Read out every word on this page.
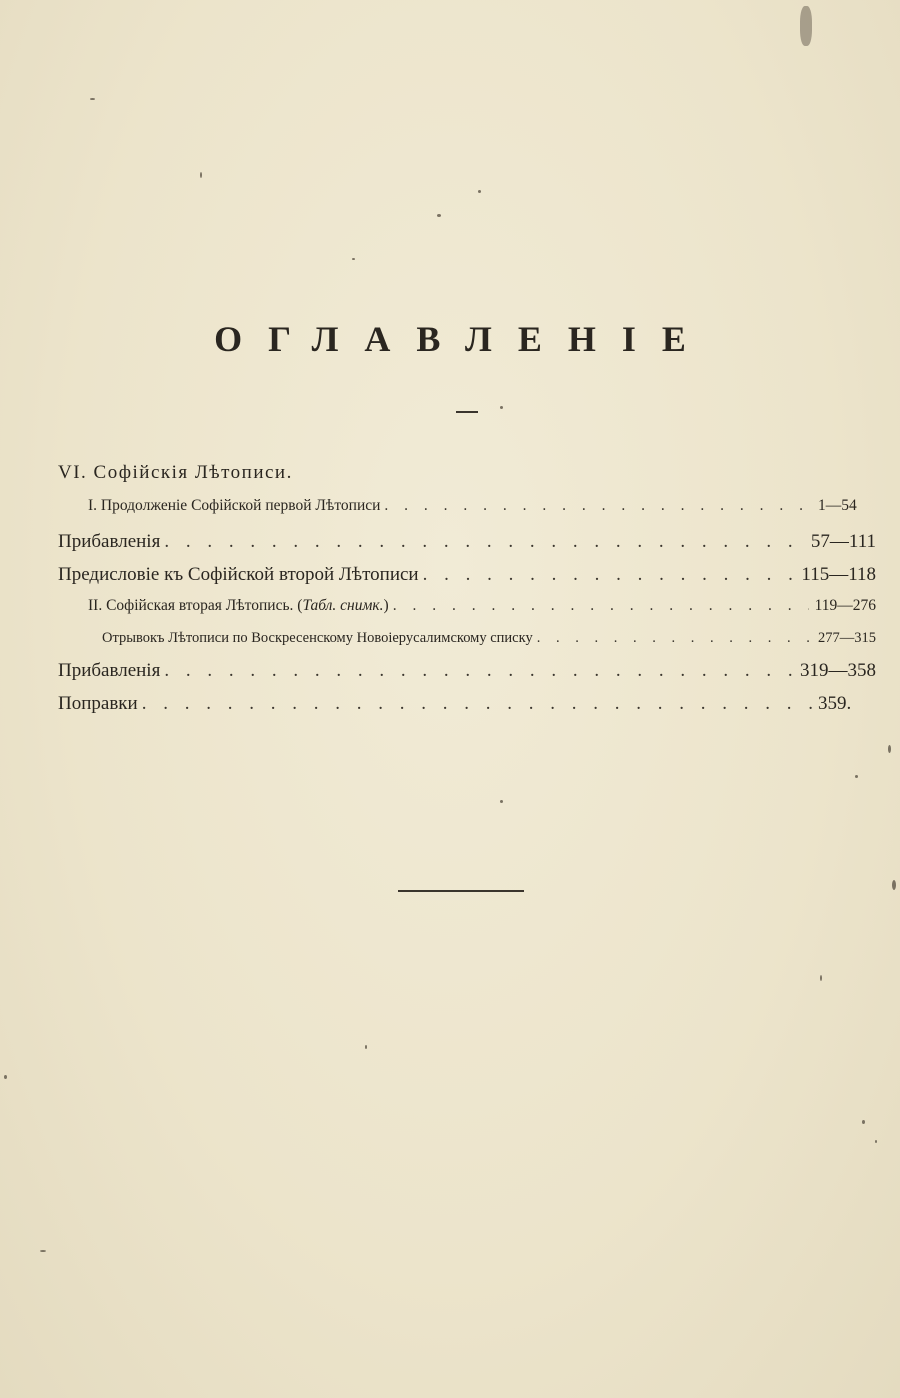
ОГЛАВЛЕНІЕ
VI. Софійскія Лѣтописи.
I. Продолженіе Софійской первой Лѣтописи . . .	1—54
Прибавленія . . .	57—111
Предисловіе къ Софійской второй Лѣтописи . . .	115—118
II. Софійская вторая Лѣтопись. (Табл. снимк.) . . .	119—276
Отрывокъ Лѣтописи по Воскресенскому Новоіерусалимскому списку . . .	277—315
Прибавленія . . .	319—358
Поправки . . .	359.
